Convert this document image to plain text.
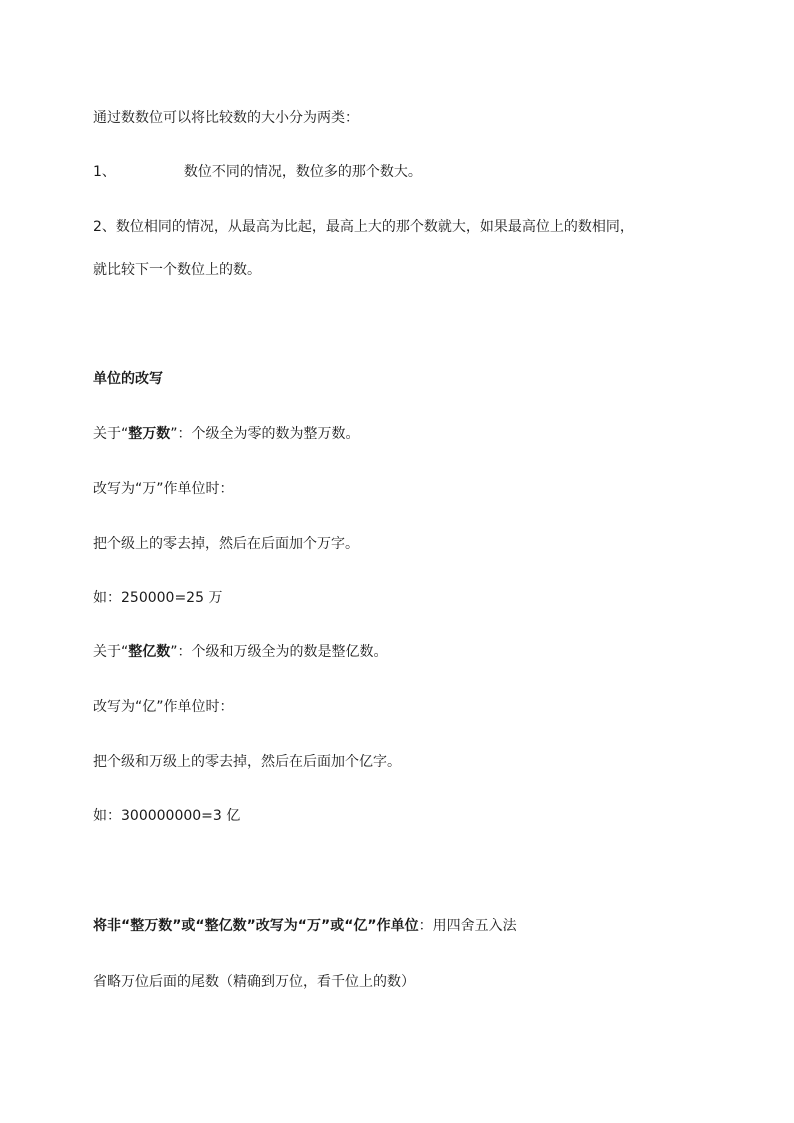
通过数数位可以将比较数的大小分为两类：
1、	数位不同的情况，数位多的那个数大。
2、数位相同的情况，从最高为比起，最高上大的那个数就大，如果最高位上的数相同，
就比较下一个数位上的数。
单位的改写
关于“整万数”：个级全为零的数为整万数。
改写为“万”作单位时：
把个级上的零去掉，然后在后面加个万字。
如：250000=25 万
关于“整亿数”：个级和万级全为的数是整亿数。
改写为“亿”作单位时：
把个级和万级上的零去掉，然后在后面加个亿字。
如：300000000=3 亿
将非“整万数”或“整亿数”改写为“万”或“亿”作单位：用四舍五入法
省略万位后面的尾数（精确到万位，看千位上的数）
